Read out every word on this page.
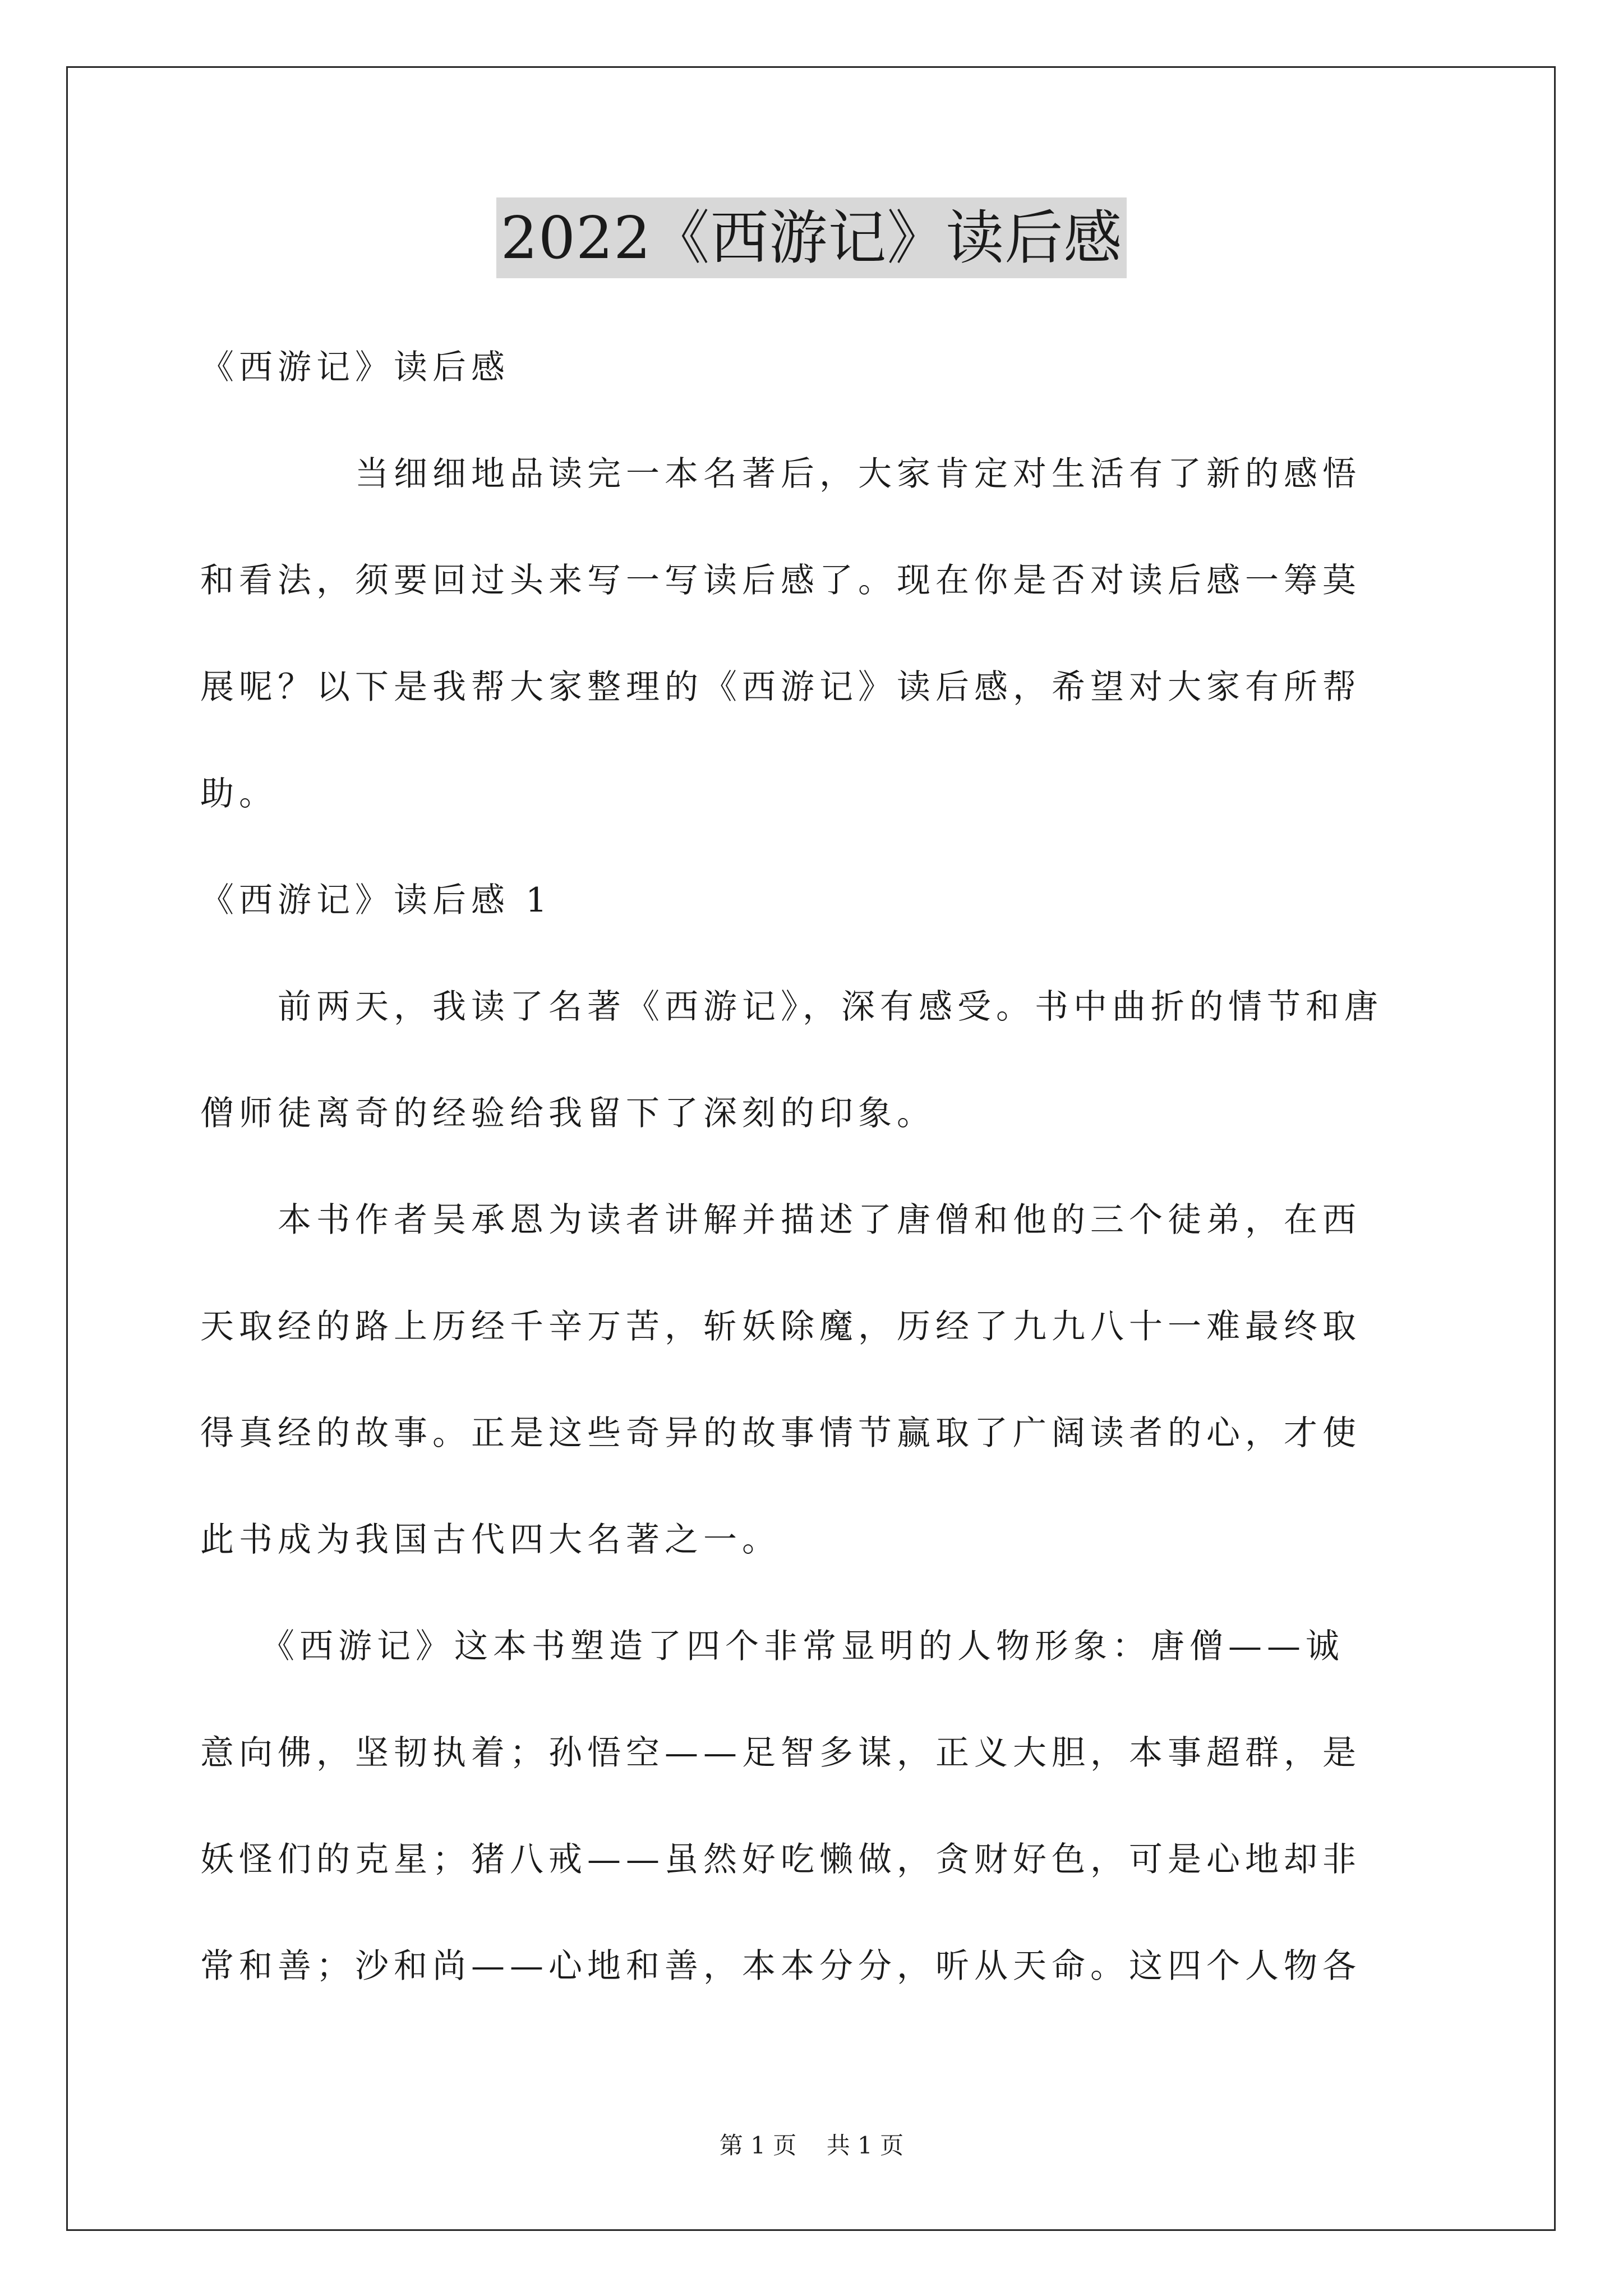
2022《西游记》读后感
《西游记》读后感
　　　　当细细地品读完一本名著后，大家肯定对生活有了新的感悟
和看法，须要回过头来写一写读后感了。现在你是否对读后感一筹莫
展呢？以下是我帮大家整理的《西游记》读后感，希望对大家有所帮
助。
《西游记》读后感 1
　　前两天，我读了名著《西游记》，深有感受。书中曲折的情节和唐
僧师徒离奇的经验给我留下了深刻的印象。
　　本书作者吴承恩为读者讲解并描述了唐僧和他的三个徒弟，在西
天取经的路上历经千辛万苦，斩妖除魔，历经了九九八十一难最终取
得真经的故事。正是这些奇异的故事情节赢取了广阔读者的心，才使
此书成为我国古代四大名著之一。
　　《西游记》这本书塑造了四个非常显明的人物形象：唐僧——诚
意向佛，坚韧执着；孙悟空——足智多谋，正义大胆，本事超群，是
妖怪们的克星；猪八戒——虽然好吃懒做，贪财好色，可是心地却非
常和善；沙和尚——心地和善，本本分分，听从天命。这四个人物各
第 1 页 共 1 页
